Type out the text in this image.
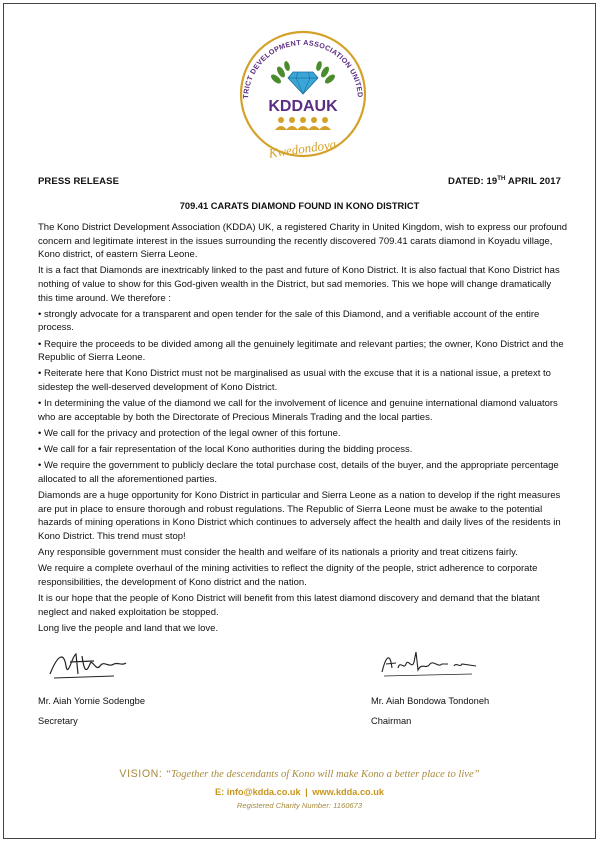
TRICT DEVELOPMENT ASSOCIATION UNITED
KDDAUK
Kwedondoya
PRESS RELEASE	DATED: 19TH APRIL 2017
709.41 CARATS DIAMOND FOUND IN KONO DISTRICT

The Kono District Development Association (KDDA) UK, a registered Charity in United Kingdom, wish to express our profound concern and legitimate interest in the issues surrounding the recently discovered 709.41 carats diamond in Koyadu village, Kono district, of eastern Sierra Leone.

It is a fact that Diamonds are inextricably linked to the past and future of Kono District. It is also factual that Kono District has nothing of value to show for this God-given wealth in the District, but sad memories. This we hope will change dramatically this time around. We therefore :

• strongly advocate for a transparent and open tender for the sale of this Diamond, and a verifiable account of the entire process.

• Require the proceeds to be divided among all the genuinely legitimate and relevant parties; the owner, Kono District and the Republic of Sierra Leone.

• Reiterate here that Kono District must not be marginalised as usual with the excuse that it is a national issue, a pretext to sidestep the well-deserved development of Kono District.

• In determining the value of the diamond we call for the involvement of licence and genuine international diamond valuators who are acceptable by both the Directorate of Precious Minerals Trading and the local parties.

• We call for the privacy and protection of the legal owner of this fortune.

• We call for a fair representation of the local Kono authorities during the bidding process.

• We require the government to publicly declare the total purchase cost, details of the buyer, and the appropriate percentage allocated to all the aforementioned parties.

Diamonds are a huge opportunity for Kono District in particular and Sierra Leone as a nation to develop if the right measures are put in place to ensure thorough and robust regulations. The Republic of Sierra Leone must be awake to the potential hazards of mining operations in Kono District which continues to adversely affect the health and daily lives of the residents in Kono District. This trend must stop!

Any responsible government must consider the health and welfare of its nationals a priority and treat citizens fairly.

We require a complete overhaul of the mining activities to reflect the dignity of the people, strict adherence to corporate responsibilities, the development of Kono district and the nation.

It is our hope that the people of Kono District will benefit from this latest diamond discovery and demand that the blatant neglect and naked exploitation be stopped.

Long live the people and land that we love.

Mr. Aiah Yornie Sodengbe
Secretary
Mr. Aiah Bondowa Tondoneh
Chairman
VISION: “Together the descendants of Kono will make Kono a better place to live”
E: info@kdda.co.uk | www.kdda.co.uk
Registered Charity Number: 1160673
